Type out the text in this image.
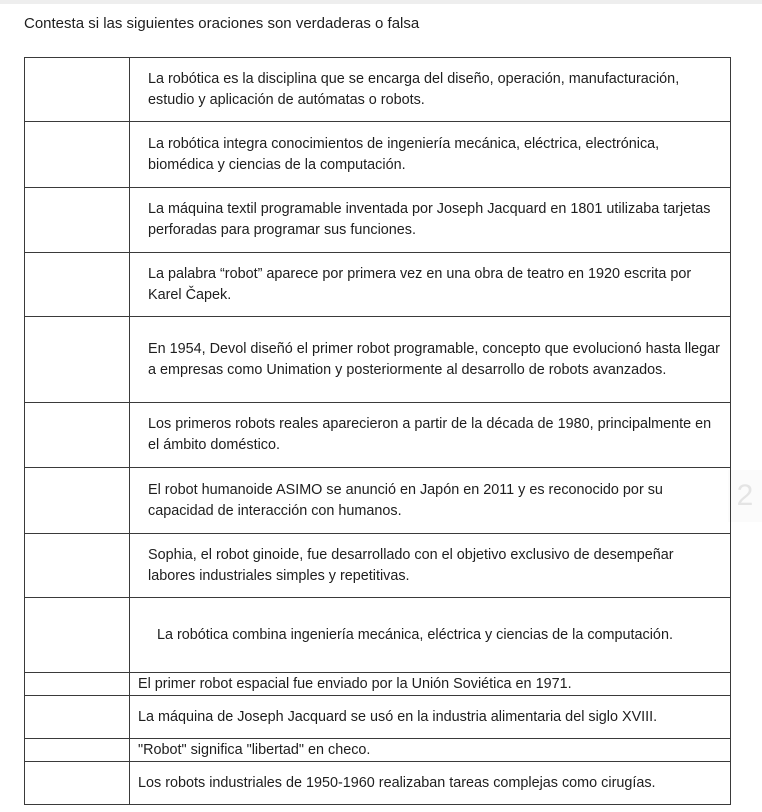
Contesta si las siguientes oraciones son verdaderas o falsa
2

	La robótica es la disciplina que se encarga del diseño, operación, manufacturación, estudio y aplicación de autómatas o robots.

	La robótica integra conocimientos de ingeniería mecánica, eléctrica, electrónica, biomédica y ciencias de la computación.

	La máquina textil programable inventada por Joseph Jacquard en 1801 utilizaba tarjetas perforadas para programar sus funciones.

	La palabra “robot” aparece por primera vez en una obra de teatro en 1920 escrita por Karel Čapek.

	En 1954, Devol diseñó el primer robot programable, concepto que evolucionó hasta llegar a empresas como Unimation y posteriormente al desarrollo de robots avanzados.

	Los primeros robots reales aparecieron a partir de la década de 1980, principalmente en el ámbito doméstico.

	El robot humanoide ASIMO se anunció en Japón en 2011 y es reconocido por su capacidad de interacción con humanos.

	Sophia, el robot ginoide, fue desarrollado con el objetivo exclusivo de desempeñar labores industriales simples y repetitivas.

	La robótica combina ingeniería mecánica, eléctrica y ciencias de la computación.

	El primer robot espacial fue enviado por la Unión Soviética en 1971.

	La máquina de Joseph Jacquard se usó en la industria alimentaria del siglo XVIII.

	"Robot" significa "libertad" en checo.

	Los robots industriales de 1950-1960 realizaban tareas complejas como cirugías.
